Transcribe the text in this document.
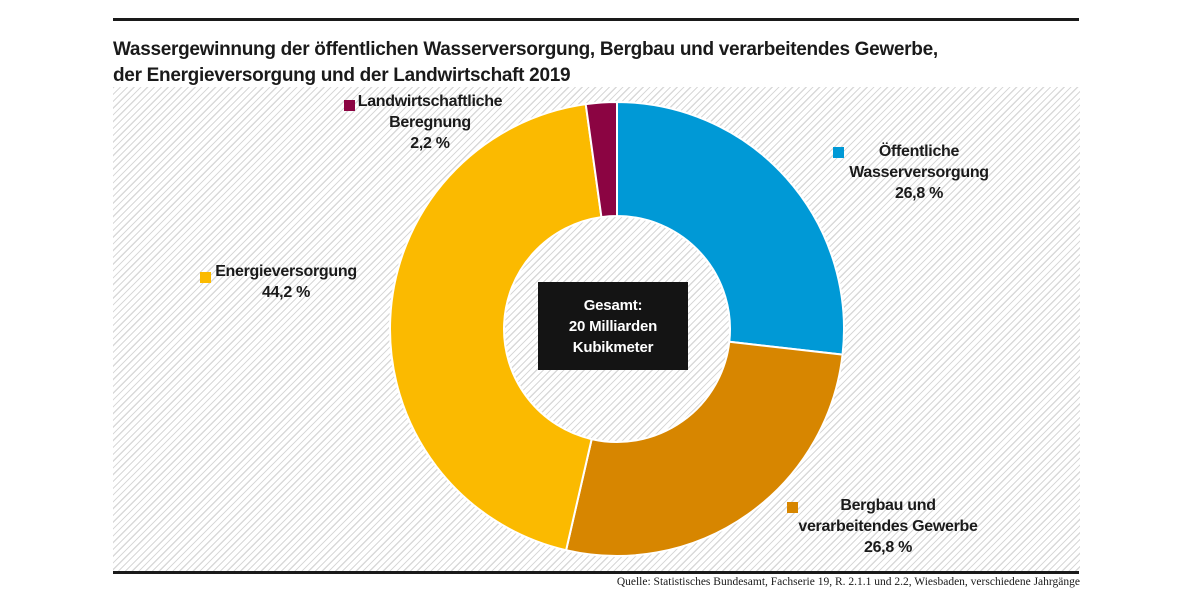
Wassergewinnung der öffentlichen Wasserversorgung, Bergbau und verarbeitendes Gewerbe,
der Energieversorgung und der Landwirtschaft 2019
Gesamt:
20 Milliarden
Kubikmeter
Landwirtschaftliche
Beregnung
2,2 %	Öffentliche
Wasserversorgung
26,8 %
Energieversorgung
44,2 %
Bergbau und
verarbeitendes Gewerbe
26,8 %
Quelle: Statistisches Bundesamt, Fachserie 19, R. 2.1.1 und 2.2, Wiesbaden, verschiedene Jahrgänge
